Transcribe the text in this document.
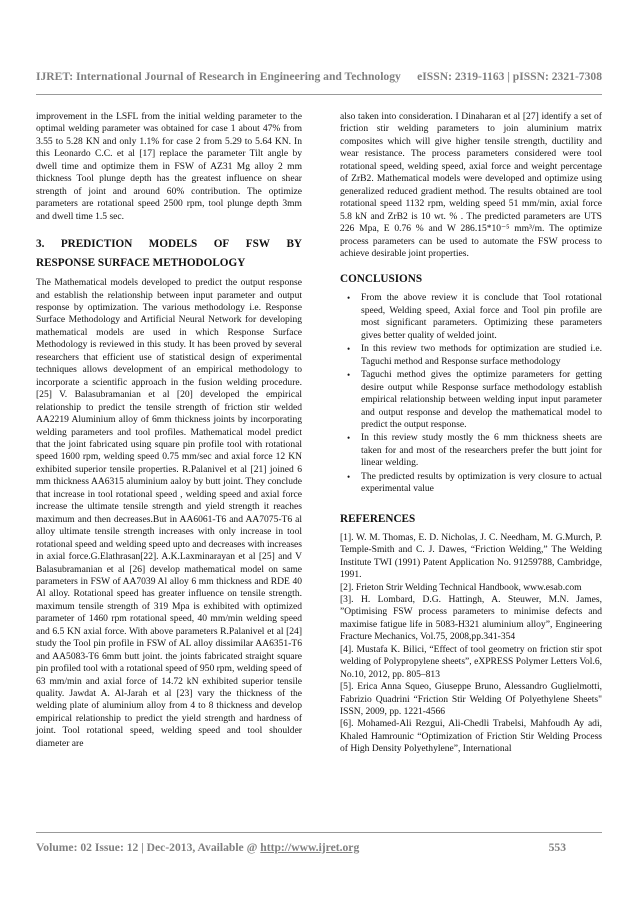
IJRET: International Journal of Research in Engineering and Technology eISSN: 2319-1163 | pISSN: 2321-7308

improvement in the LSFL from the initial welding parameter to the optimal welding parameter was obtained for case 1 about 47% from 3.55 to 5.28 KN and only 1.1% for case 2 from 5.29 to 5.64 KN. In this Leonardo C.C. et al [17] replace the parameter Tilt angle by dwell time and optimize them in FSW of AZ31 Mg alloy 2 mm thickness Tool plunge depth has the greatest influence on shear strength of joint and around 60% contribution. The optimize parameters are rotational speed 2500 rpm, tool plunge depth 3mm and dwell time 1.5 sec.

3. PREDICTION MODELS OF FSW BY
RESPONSE SURFACE METHODOLOGY

The Mathematical models developed to predict the output response and establish the relationship between input parameter and output response by optimization. The various methodology i.e. Response Surface Methodology and Artificial Neural Network for developing mathematical models are used in which Response Surface Methodology is reviewed in this study. It has been proved by several researchers that efficient use of statistical design of experimental techniques allows development of an empirical methodology to incorporate a scientific approach in the fusion welding procedure.[25] V. Balasubramanian et al [20] developed the empirical relationship to predict the tensile strength of friction stir welded AA2219 Aluminium alloy of 6mm thickness joints by incorporating welding parameters and tool profiles. Mathematical model predict that the joint fabricated using square pin profile tool with rotational speed 1600 rpm, welding speed 0.75 mm/sec and axial force 12 KN exhibited superior tensile properties. R.Palanivel et al [21] joined 6 mm thickness AA6315 aluminium aaloy by butt joint. They conclude that increase in tool rotational speed , welding speed and axial force increase the ultimate tensile strength and yield strength it reaches maximum and then decreases.But in AA6061-T6 and AA7075-T6 al alloy ultimate tensile strength increases with only increase in tool rotational speed and welding speed upto and decreases with increases in axial force.G.Elathrasan[22]. A.K.Laxminarayan et al [25] and V Balasubramanian et al [26] develop mathematical model on same parameters in FSW of AA7039 Al alloy 6 mm thickness and RDE 40 Al alloy. Rotational speed has greater influence on tensile strength. maximum tensile strength of 319 Mpa is exhibited with optimized parameter of 1460 rpm rotational speed, 40 mm/min welding speed and 6.5 KN axial force. With above parameters R.Palanivel et al [24] study the Tool pin profile in FSW of AL alloy dissimilar AA6351-T6 and AA5083-T6 6mm butt joint. the joints fabricated straight square pin profiled tool with a rotational speed of 950 rpm, welding speed of 63 mm/min and axial force of 14.72 kN exhibited superior tensile quality. Jawdat A. Al-Jarah et al [23] vary the thickness of the welding plate of aluminium alloy from 4 to 8 thickness and develop empirical relationship to predict the yield strength and hardness of joint. Tool rotational speed, welding speed and tool shoulder diameter are

also taken into consideration. I Dinaharan et al [27] identify a set of friction stir welding parameters to join aluminium matrix composites which will give higher tensile strength, ductility and wear resistance. The process parameters considered were tool rotational speed, welding speed, axial force and weight percentage of ZrB2. Mathematical models were developed and optimize using generalized reduced gradient method. The results obtained are tool rotational speed 1132 rpm, welding speed 51 mm/min, axial force 5.8 kN and ZrB2 is 10 wt. % . The predicted parameters are UTS 226 Mpa, E 0.76 % and W 286.15*10⁻⁵ mm³/m. The optimize process parameters can be used to automate the FSW process to achieve desirable joint properties.

CONCLUSIONS
• From the above review it is conclude that Tool rotational speed, Welding speed, Axial force and Tool pin profile are most significant parameters. Optimizing these parameters gives better quality of welded joint.
• In this review two methods for optimization are studied i.e. Taguchi method and Response surface methodology
• Taguchi method gives the optimize parameters for getting desire output while Response surface methodology establish empirical relationship between welding input input parameter and output response and develop the mathematical model to predict the output response.
• In this review study mostly the 6 mm thickness sheets are taken for and most of the researchers prefer the butt joint for linear welding.
• The predicted results by optimization is very closure to actual experimental value
REFERENCES

[1]. W. M. Thomas, E. D. Nicholas, J. C. Needham, M. G.Murch, P. Temple-Smith and C. J. Dawes, “Friction Welding,” The Welding Institute TWI (1991) Patent Application No. 91259788, Cambridge, 1991.

[2]. Frieton Strir Welding Technical Handbook, www.esab.com

[3]. H. Lombard, D.G. Hattingh, A. Steuwer, M.N. James, ”Optimising FSW process parameters to minimise defects and maximise fatigue life in 5083-H321 aluminium alloy”, Engineering Fracture Mechanics, Vol.75, 2008,pp.341-354

[4]. Mustafa K. Bilici, “Effect of tool geometry on friction stir spot welding of Polypropylene sheets”, eXPRESS Polymer Letters Vol.6, No.10, 2012, pp. 805–813

[5]. Erica Anna Squeo, Giuseppe Bruno, Alessandro Guglielmotti, Fabrizio Quadrini “Friction Stir Welding Of Polyethylene Sheets" ISSN, 2009, pp. 1221-4566

[6]. Mohamed-Ali Rezgui, Ali-Chedli Trabelsi, Mahfoudh Ay adi, Khaled Hamrounic “Optimization of Friction Stir Welding Process of High Density Polyethylene”, International

Volume: 02 Issue: 12 | Dec-2013, Available @ http://www.ijret.org	553
